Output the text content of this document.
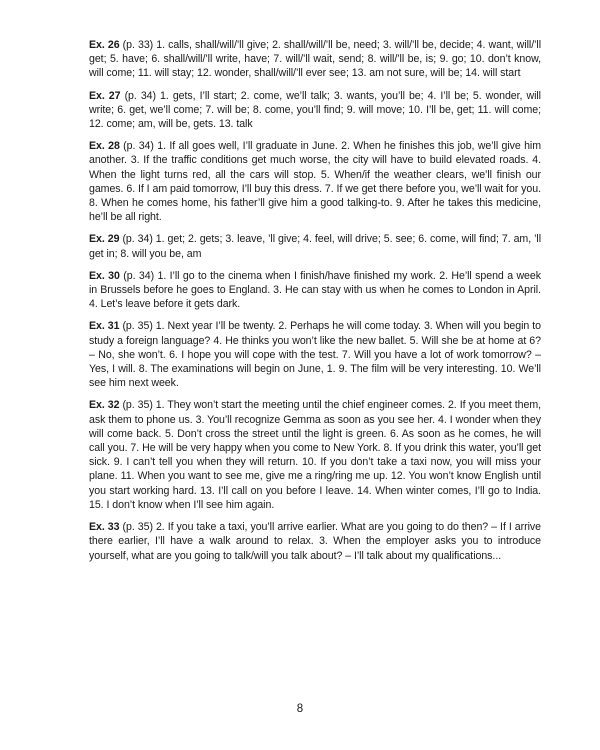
Ex. 26 (p. 33) 1. calls, shall/will/’ll give; 2. shall/will/’ll be, need; 3. will/’ll be, decide; 4. want, will/’ll get; 5. have; 6. shall/will/’ll write, have; 7. will/’ll wait, send; 8. will/’ll be, is; 9. go; 10. don’t know, will come; 11. will stay; 12. wonder, shall/will/’ll ever see; 13. am not sure, will be; 14. will start

Ex. 27 (p. 34) 1. gets, I’ll start; 2. come, we’ll talk; 3. wants, you’ll be; 4. I’ll be; 5. wonder, will write; 6. get, we’ll come; 7. will be; 8. come, you’ll find; 9. will move; 10. I’ll be, get; 11. will come; 12. come; am, will be, gets. 13. talk

Ex. 28 (p. 34) 1. If all goes well, I’ll graduate in June. 2. When he finishes this job, we’ll give him another. 3. If the traffic conditions get much worse, the city will have to build elevated roads. 4. When the light turns red, all the cars will stop. 5. When/if the weather clears, we’ll finish our games. 6. If I am paid tomorrow, I’ll buy this dress. 7. If we get there before you, we’ll wait for you. 8. When he comes home, his father’ll give him a good talking-to. 9. After he takes this medicine, he’ll be all right.

Ex. 29 (p. 34) 1. get; 2. gets; 3. leave, ’ll give; 4. feel, will drive; 5. see; 6. come, will find; 7. am, ’ll get in; 8. will you be, am

Ex. 30 (p. 34) 1. I’ll go to the cinema when I finish/have finished my work. 2. He’ll spend a week in Brussels before he goes to England. 3. He can stay with us when he comes to London in April. 4. Let’s leave before it gets dark.

Ex. 31 (p. 35) 1. Next year I’ll be twenty. 2. Perhaps he will come today. 3. When will you begin to study a foreign language? 4. He thinks you won’t like the new ballet. 5. Will she be at home at 6? – No, she won’t. 6. I hope you will cope with the test. 7. Will you have a lot of work tomorrow? – Yes, I will. 8. The examinations will begin on June, 1. 9. The film will be very interesting. 10. We’ll see him next week.

Ex. 32 (p. 35) 1. They won’t start the meeting until the chief engineer comes. 2. If you meet them, ask them to phone us. 3. You’ll recognize Gemma as soon as you see her. 4. I wonder when they will come back. 5. Don’t cross the street until the light is green. 6. As soon as he comes, he will call you. 7. He will be very happy when you come to New York. 8. If you drink this water, you’ll get sick. 9. I can’t tell you when they will return. 10. If you don’t take a taxi now, you will miss your plane. 11. When you want to see me, give me a ring/ring me up. 12. You won’t know English until you start working hard. 13. I’ll call on you before I leave. 14. When winter comes, I’ll go to India. 15. I don’t know when I’ll see him again.

Ex. 33 (p. 35) 2. If you take a taxi, you’ll arrive earlier. What are you going to do then? – If I arrive there earlier, I’ll have a walk around to relax. 3. When the employer asks you to introduce yourself, what are you going to talk/will you talk about? – I’ll talk about my qualifications...

8
